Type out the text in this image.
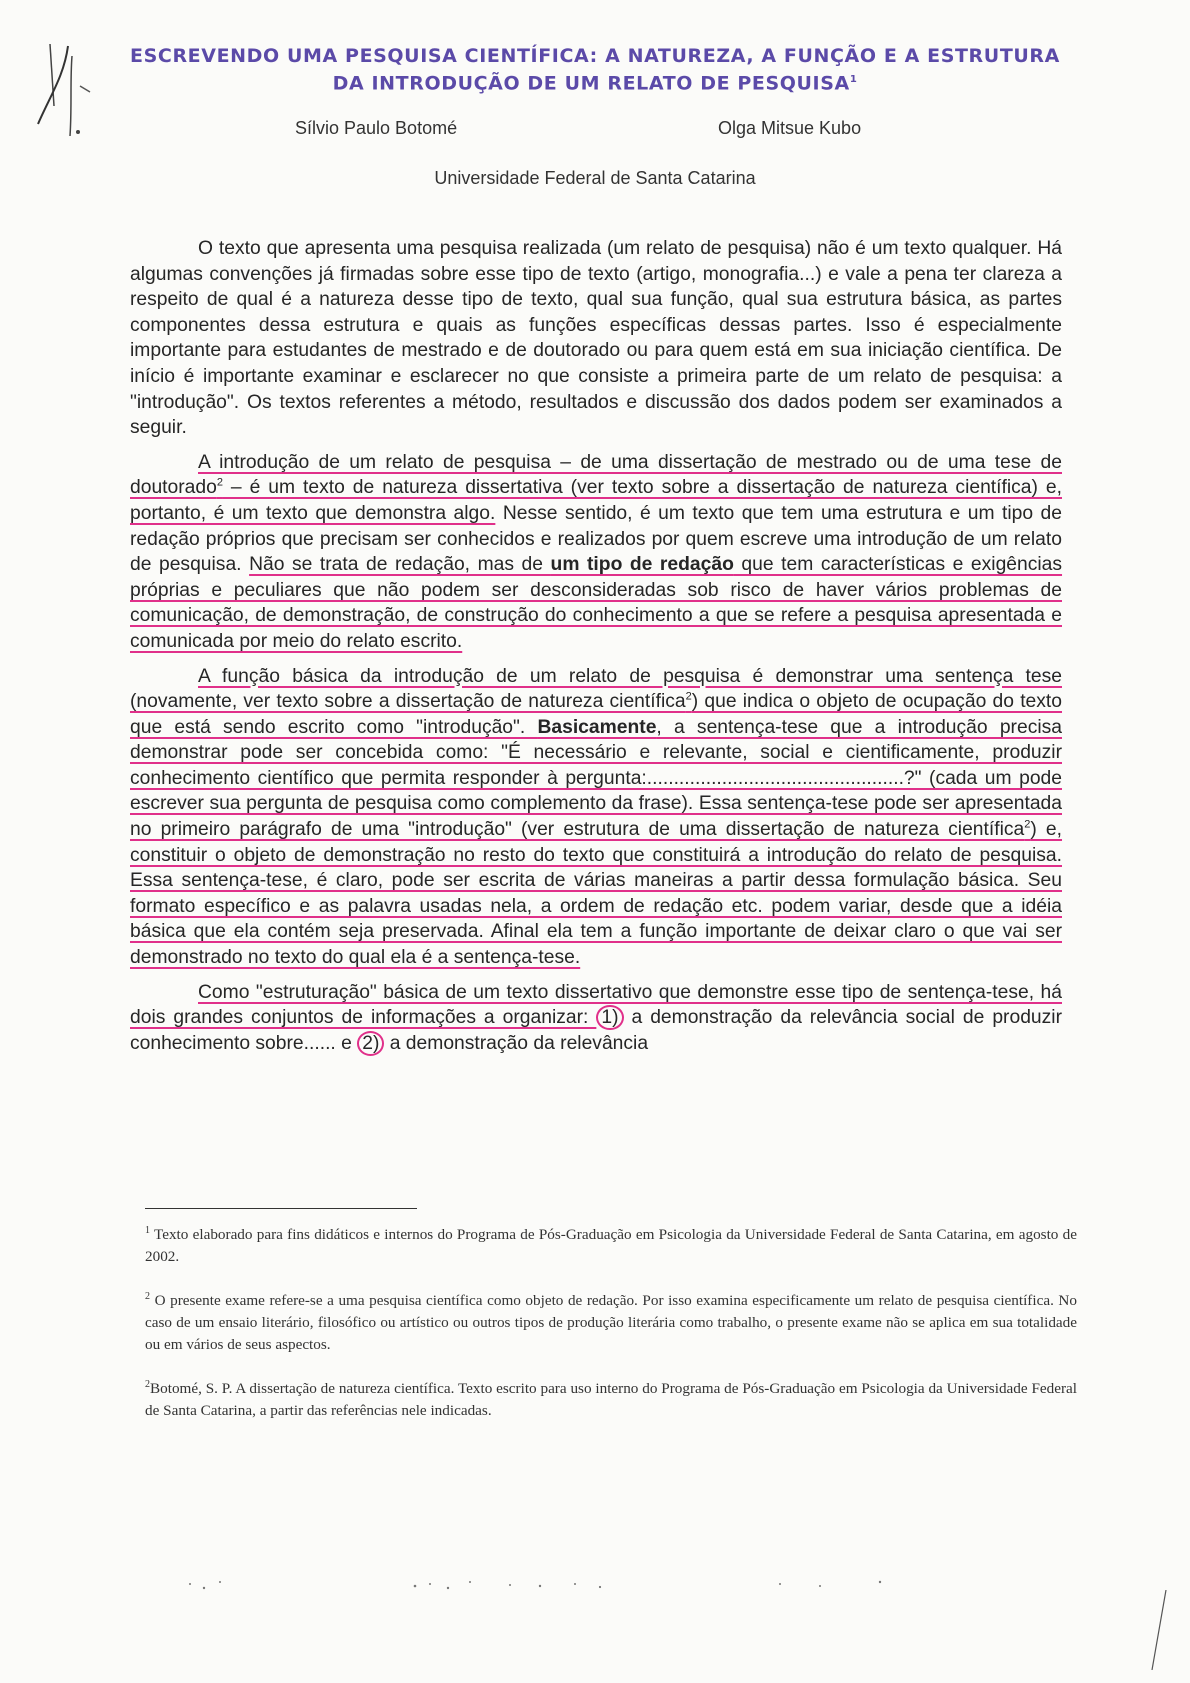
ESCREVENDO UMA PESQUISA CIENTÍFICA: A NATUREZA, A FUNÇÃO E A ESTRUTURA DA INTRODUÇÃO DE UM RELATO DE PESQUISA$^1$
Sílvio Paulo Botomé	Olga Mitsue Kubo
Universidade Federal de Santa Catarina

O texto que apresenta uma pesquisa realizada (um relato de pesquisa) não é um texto qualquer. Há algumas convenções já firmadas sobre esse tipo de texto (artigo, monografia...) e vale a pena ter clareza a respeito de qual é a natureza desse tipo de texto, qual sua função, qual sua estrutura básica, as partes componentes dessa estrutura e quais as funções específicas dessas partes. Isso é especialmente importante para estudantes de mestrado e de doutorado ou para quem está em sua iniciação científica. De início é importante examinar e esclarecer no que consiste a primeira parte de um relato de pesquisa: a "introdução". Os textos referentes a método, resultados e discussão dos dados podem ser examinados a seguir.

A introdução de um relato de pesquisa – de uma dissertação de mestrado ou de uma tese de doutorado$^2$ – é um texto de natureza dissertativa (ver texto sobre a dissertação de natureza científica) e, portanto, é um texto que demonstra algo. Nesse sentido, é um texto que tem uma estrutura e um tipo de redação próprios que precisam ser conhecidos e realizados por quem escreve uma introdução de um relato de pesquisa. Não se trata de redação, mas de um tipo de redação que tem características e exigências próprias e peculiares que não podem ser desconsideradas sob risco de haver vários problemas de comunicação, de demonstração, de construção do conhecimento a que se refere a pesquisa apresentada e comunicada por meio do relato escrito.

A função básica da introdução de um relato de pesquisa é demonstrar uma sentença tese (novamente, ver texto sobre a dissertação de natureza científica$^2$) que indica o objeto de ocupação do texto que está sendo escrito como "introdução". Basicamente, a sentença-tese que a introdução precisa demonstrar pode ser concebida como: "É necessário e relevante, social e cientificamente, produzir conhecimento científico que permita responder à pergunta:................................................?" (cada um pode escrever sua pergunta de pesquisa como complemento da frase). Essa sentença-tese pode ser apresentada no primeiro parágrafo de uma "introdução" (ver estrutura de uma dissertação de natureza científica$^2$) e, constituir o objeto de demonstração no resto do texto que constituirá a introdução do relato de pesquisa. Essa sentença-tese, é claro, pode ser escrita de várias maneiras a partir dessa formulação básica. Seu formato específico e as palavra usadas nela, a ordem de redação etc. podem variar, desde que a idéia básica que ela contém seja preservada. Afinal ela tem a função importante de deixar claro o que vai ser demonstrado no texto do qual ela é a sentença-tese.

Como "estruturação" básica de um texto dissertativo que demonstre esse tipo de sentença-tese, há dois grandes conjuntos de informações a organizar: 1) a demonstração da relevância social de produzir conhecimento sobre...... e 2) a demonstração da relevância

$^1$ Texto elaborado para fins didáticos e internos do Programa de Pós-Graduação em Psicologia da Universidade Federal de Santa Catarina, em agosto de 2002.

$^2$ O presente exame refere-se a uma pesquisa científica como objeto de redação. Por isso examina especificamente um relato de pesquisa científica. No caso de um ensaio literário, filosófico ou artístico ou outros tipos de produção literária como trabalho, o presente exame não se aplica em sua totalidade ou em vários de seus aspectos.

$^2$Botomé, S. P. A dissertação de natureza científica. Texto escrito para uso interno do Programa de Pós-Graduação em Psicologia da Universidade Federal de Santa Catarina, a partir das referências nele indicadas.
